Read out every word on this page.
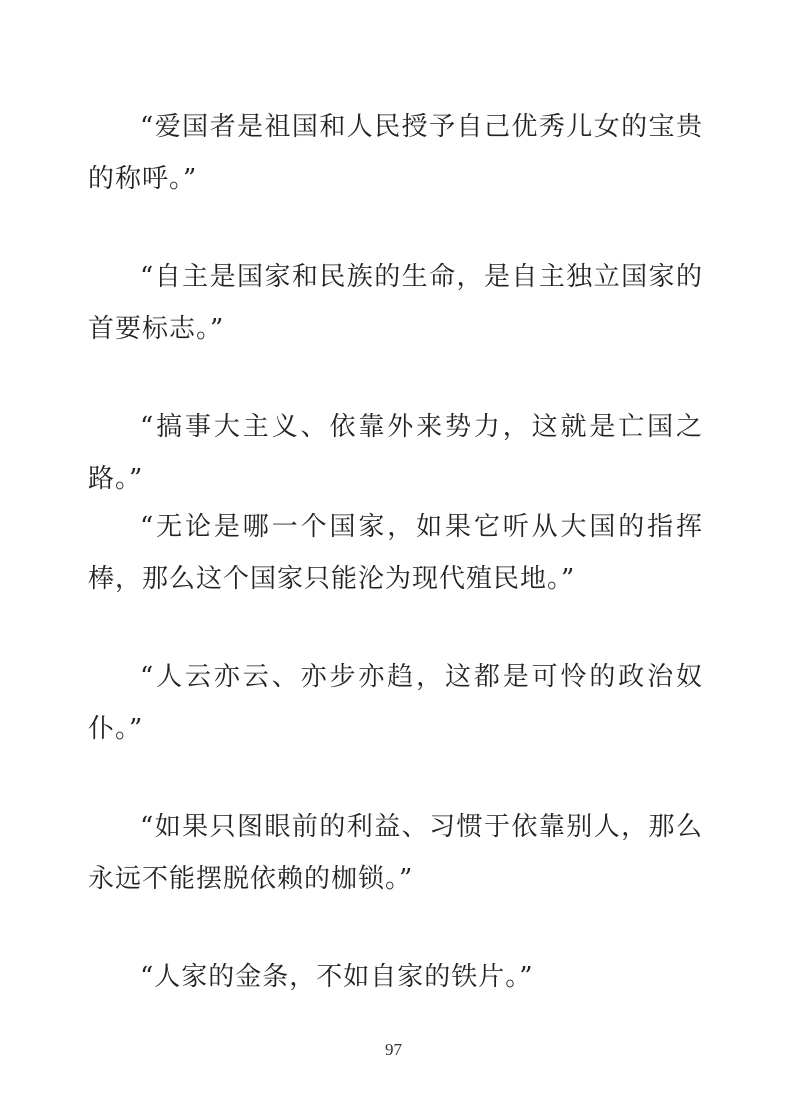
“爱国者是祖国和人民授予自己优秀儿女的宝贵的称呼。”

“自主是国家和民族的生命，是自主独立国家的首要标志。”

“搞事大主义、依靠外来势力，这就是亡国之路。”

“无论是哪一个国家，如果它听从大国的指挥棒，那么这个国家只能沦为现代殖民地。”

“人云亦云、亦步亦趋，这都是可怜的政治奴仆。”

“如果只图眼前的利益、习惯于依靠别人，那么永远不能摆脱依赖的枷锁。”

“人家的金条，不如自家的铁片。”

97
